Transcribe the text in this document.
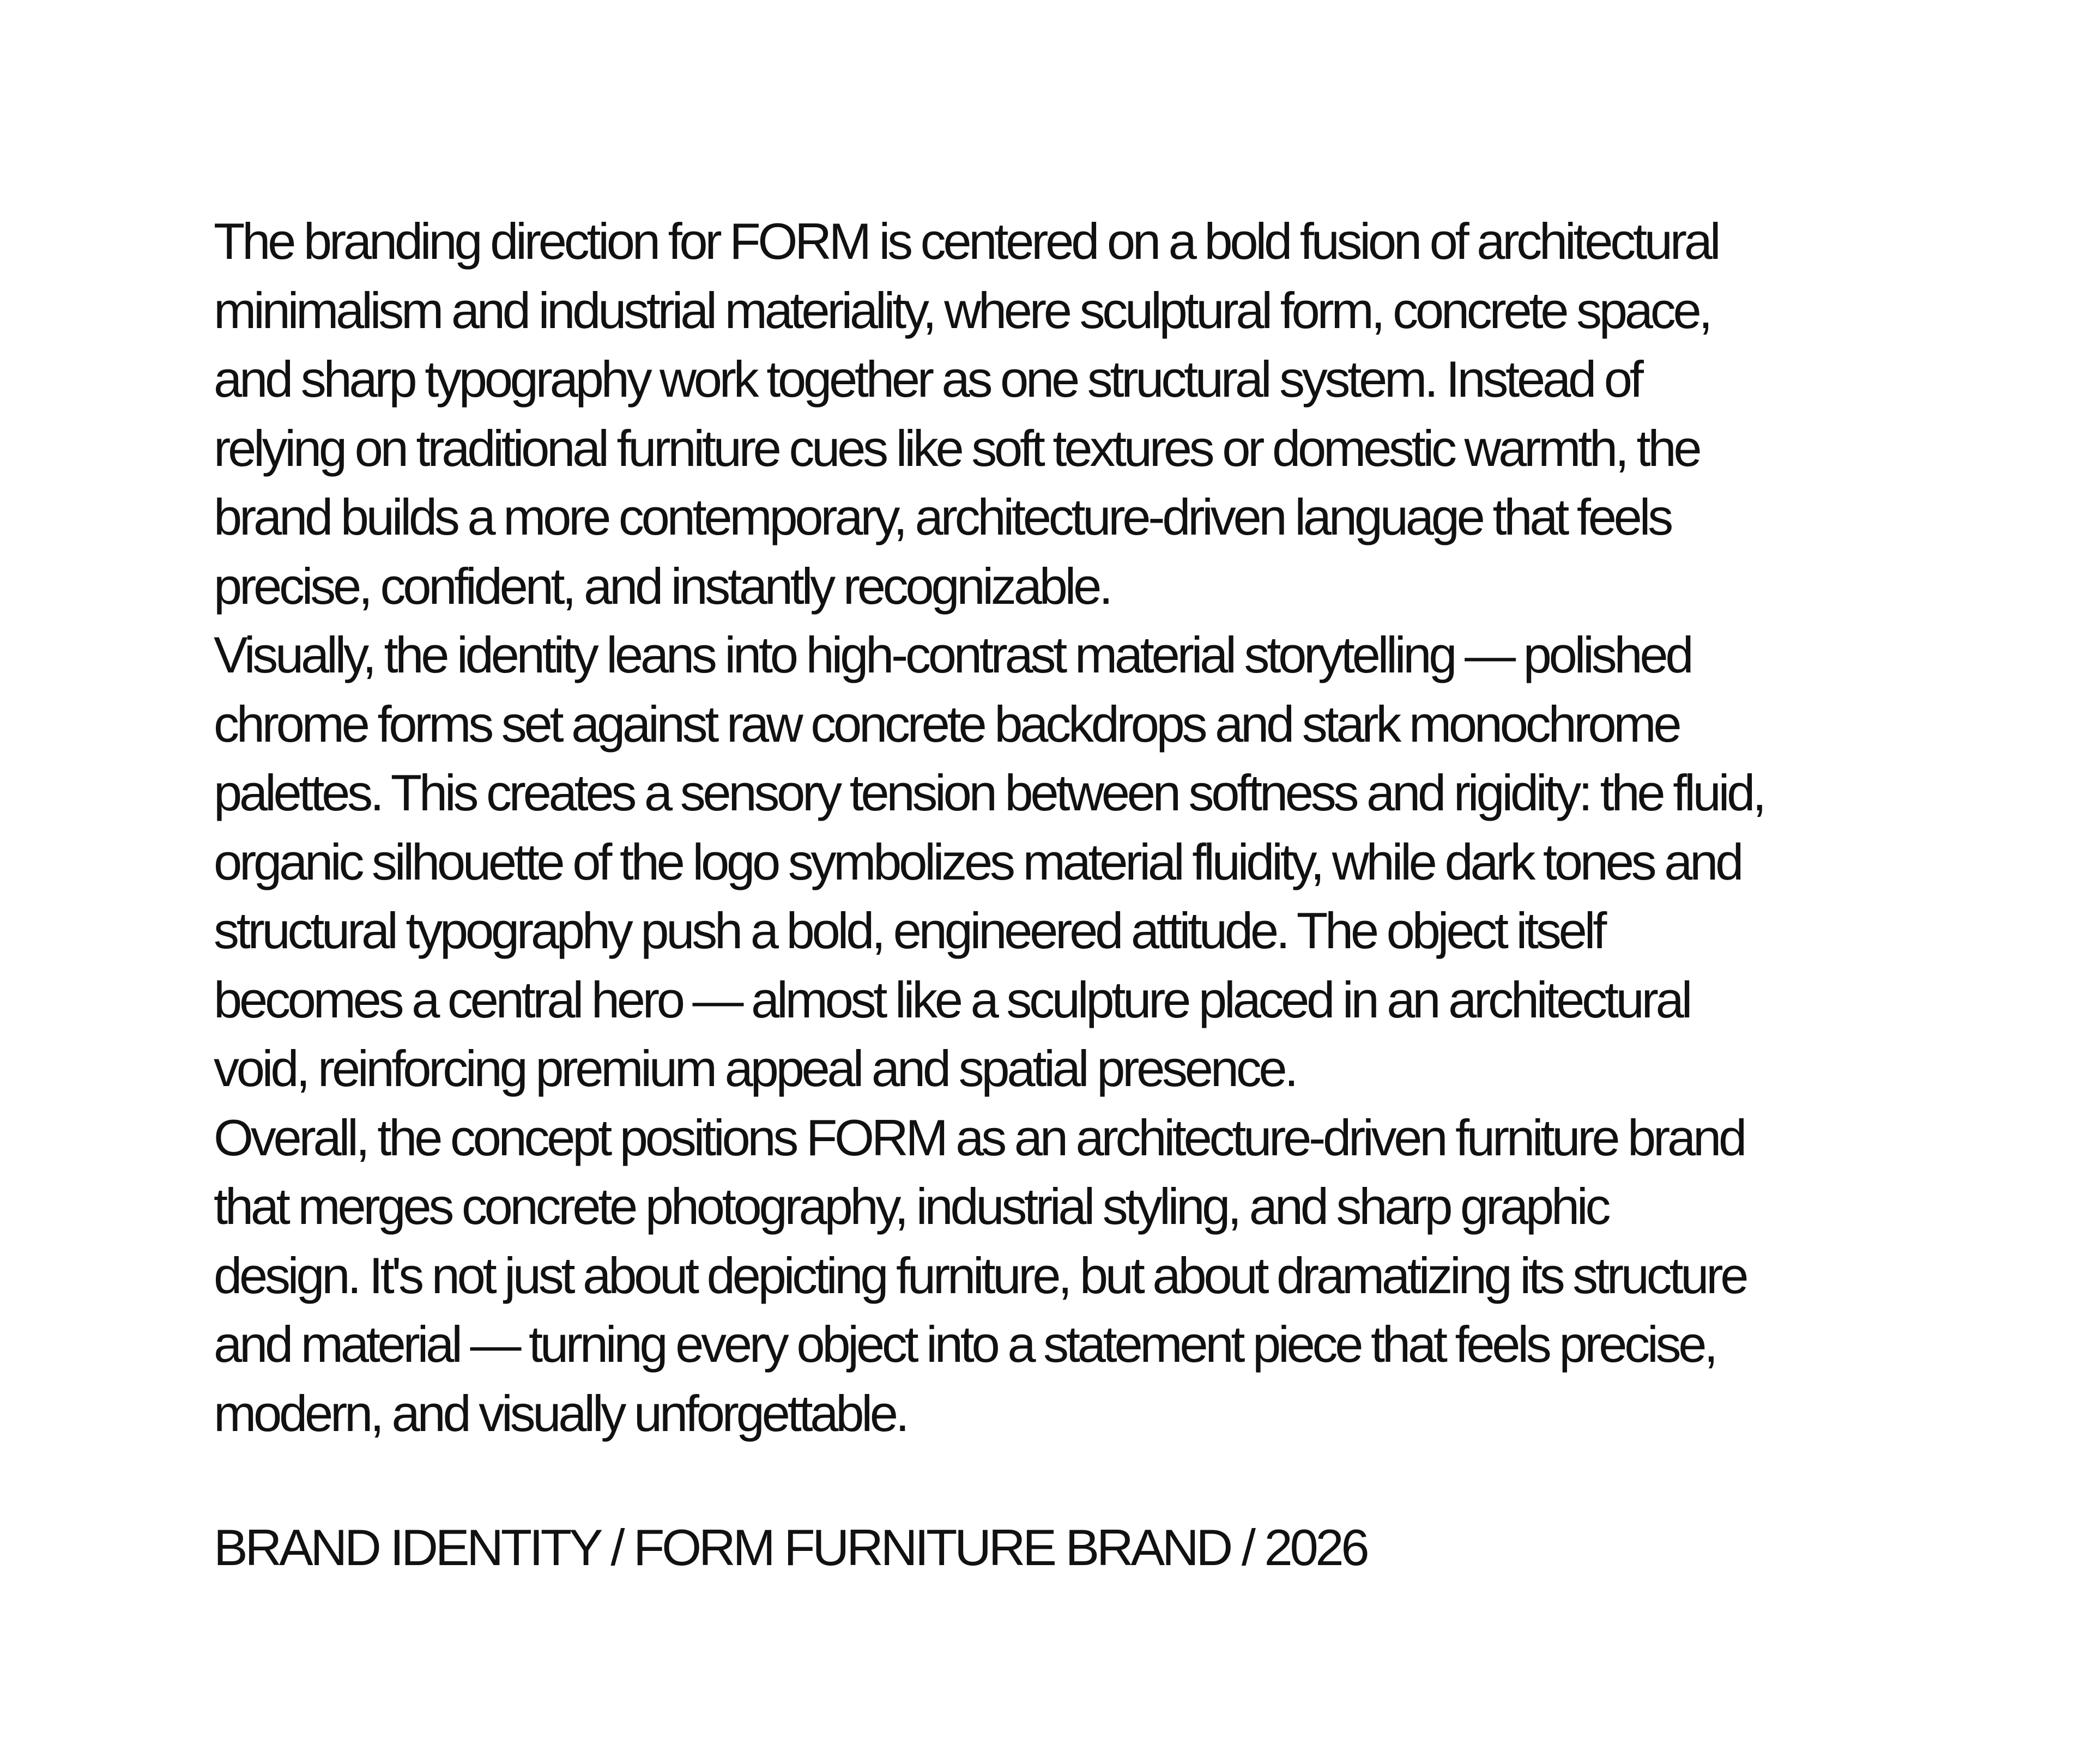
The branding direction for FORM is centered on a bold fusion of architectural
minimalism and industrial materiality, where sculptural form, concrete space,
and sharp typography work together as one structural system. Instead of
relying on traditional furniture cues like soft textures or domestic warmth, the
brand builds a more contemporary, architecture-driven language that feels
precise, confident, and instantly recognizable.
Visually, the identity leans into high-contrast material storytelling — polished
chrome forms set against raw concrete backdrops and stark monochrome
palettes. This creates a sensory tension between softness and rigidity: the fluid,
organic silhouette of the logo symbolizes material fluidity, while dark tones and
structural typography push a bold, engineered attitude. The object itself
becomes a central hero — almost like a sculpture placed in an architectural
void, reinforcing premium appeal and spatial presence.
Overall, the concept positions FORM as an architecture-driven furniture brand
that merges concrete photography, industrial styling, and sharp graphic
design. It's not just about depicting furniture, but about dramatizing its structure
and material — turning every object into a statement piece that feels precise,
modern, and visually unforgettable.
BRAND IDENTITY / FORM FURNITURE BRAND / 2026
